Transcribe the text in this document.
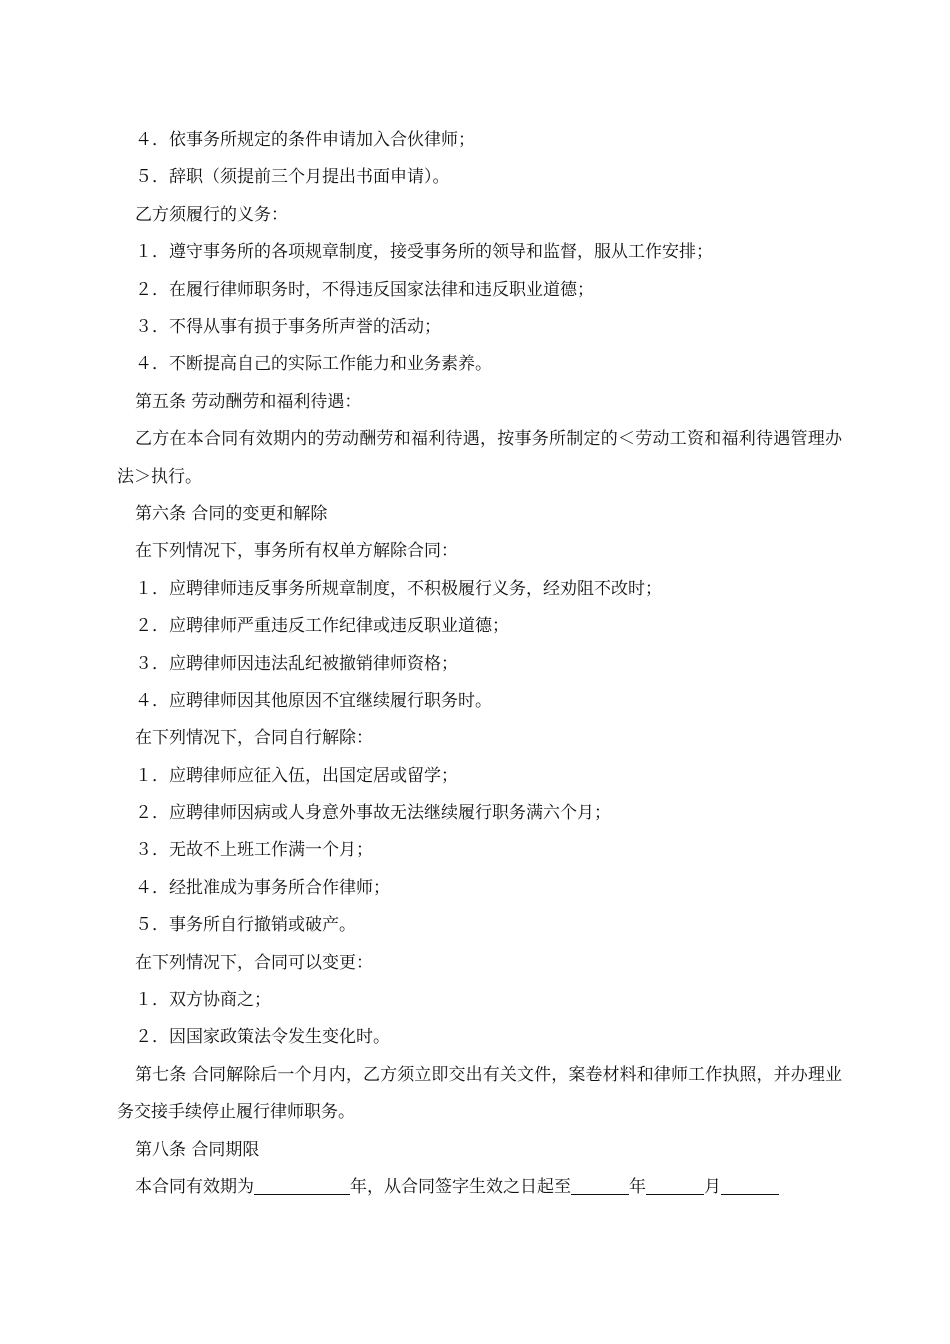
４．依事务所规定的条件申请加入合伙律师；
５．辞职（须提前三个月提出书面申请）。
乙方须履行的义务：
１．遵守事务所的各项规章制度，接受事务所的领导和监督，服从工作安排；
２．在履行律师职务时，不得违反国家法律和违反职业道德；
３．不得从事有损于事务所声誉的活动；
４．不断提高自己的实际工作能力和业务素养。
第五条 劳动酬劳和福利待遇：
乙方在本合同有效期内的劳动酬劳和福利待遇，按事务所制定的＜劳动工资和福利待遇管理办法＞执行。
第六条 合同的变更和解除
在下列情况下，事务所有权单方解除合同：
１．应聘律师违反事务所规章制度，不积极履行义务，经劝阻不改时；
２．应聘律师严重违反工作纪律或违反职业道德；
３．应聘律师因违法乱纪被撤销律师资格；
４．应聘律师因其他原因不宜继续履行职务时。
在下列情况下，合同自行解除：
１．应聘律师应征入伍，出国定居或留学；
２．应聘律师因病或人身意外事故无法继续履行职务满六个月；
３．无故不上班工作满一个月；
４．经批准成为事务所合作律师；
５．事务所自行撤销或破产。
在下列情况下，合同可以变更：
１．双方协商之；
２．因国家政策法令发生变化时。
第七条 合同解除后一个月内，乙方须立即交出有关文件，案卷材料和律师工作执照，并办理业务交接手续停止履行律师职务。
第八条 合同期限
本合同有效期为	年，从合同签字生效之日起至	年	月
